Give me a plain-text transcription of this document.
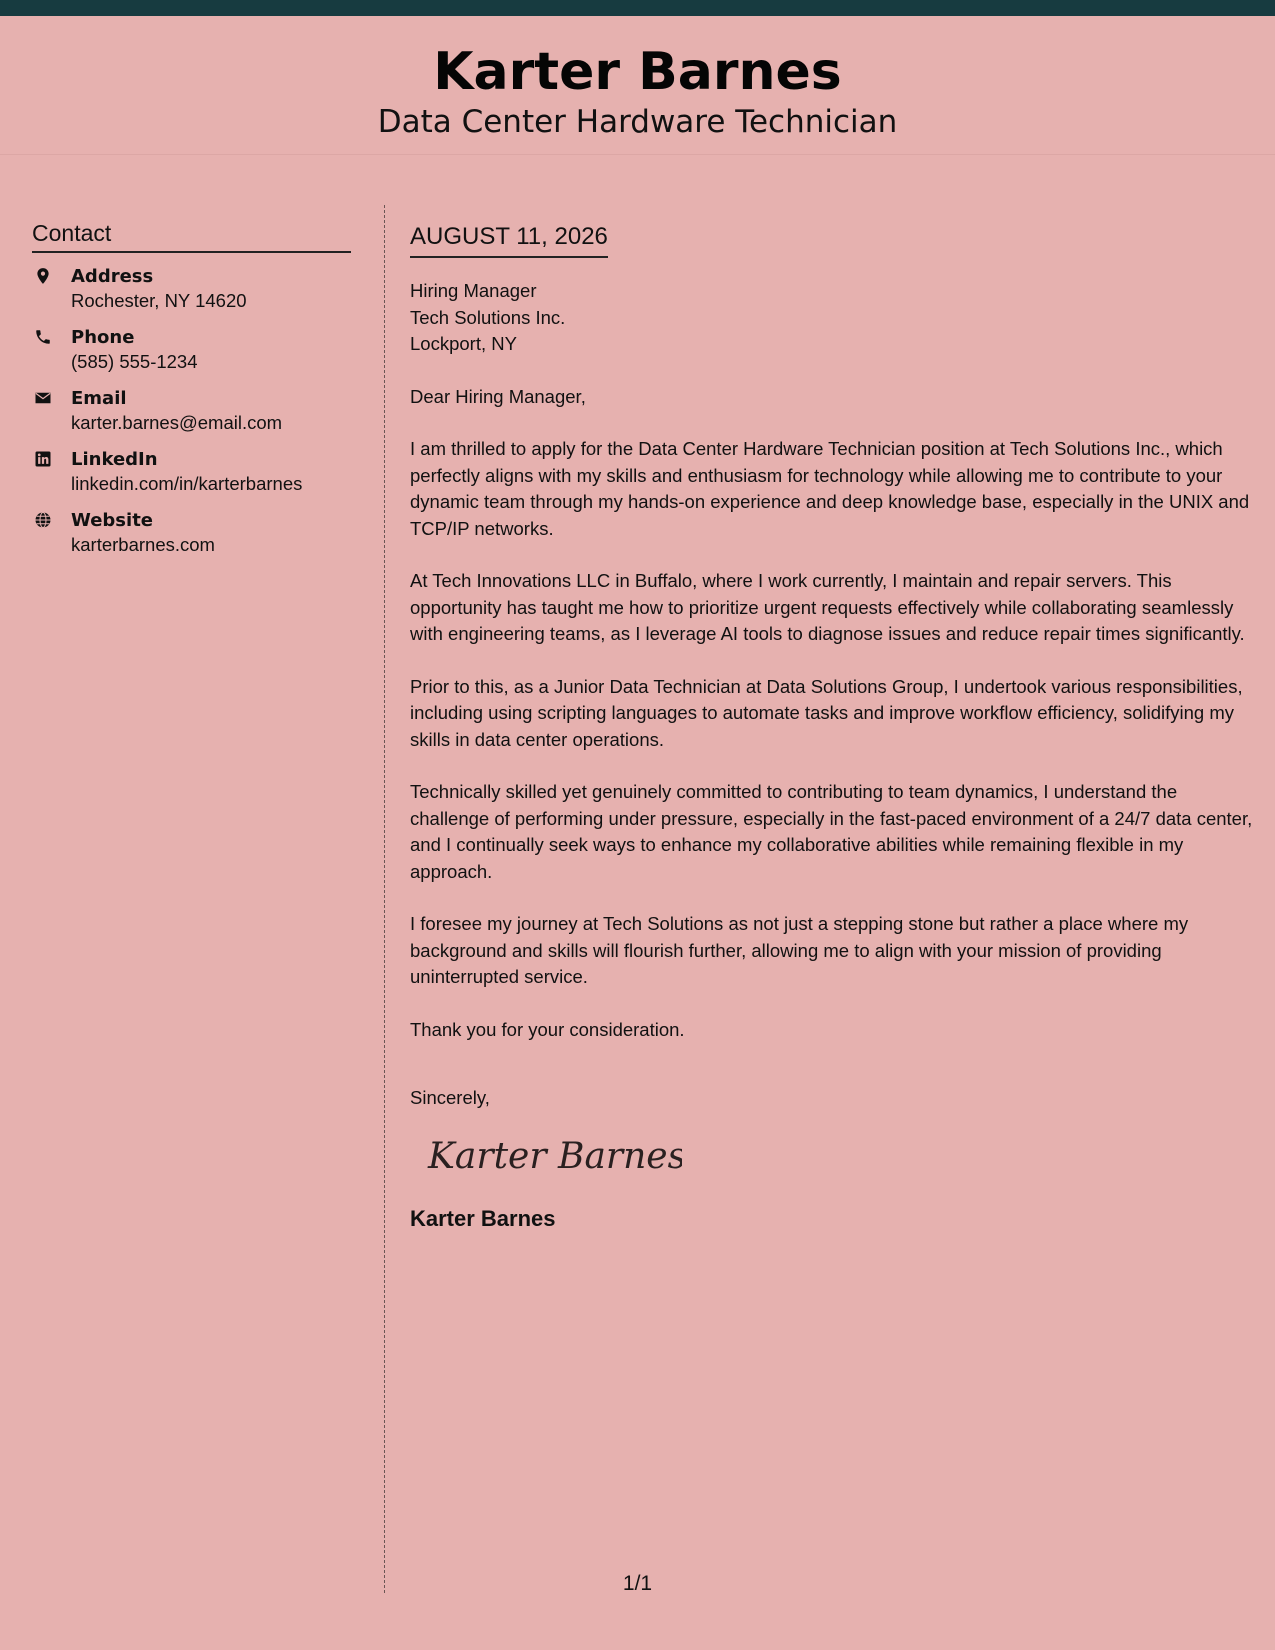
Karter Barnes
Data Center Hardware Technician
Contact
Address
Rochester, NY 14620
Phone
(585) 555-1234
Email
karter.barnes@email.com
LinkedIn
linkedin.com/in/karterbarnes
Website
karterbarnes.com
AUGUST 11, 2026
Hiring Manager
Tech Solutions Inc.
Lockport, NY

Dear Hiring Manager,

I am thrilled to apply for the Data Center Hardware Technician position at Tech Solutions Inc., which perfectly aligns with my skills and enthusiasm for technology while allowing me to contribute to your dynamic team through my hands-on experience and deep knowledge base, especially in the UNIX and TCP/IP networks.

At Tech Innovations LLC in Buffalo, where I work currently, I maintain and repair servers. This opportunity has taught me how to prioritize urgent requests effectively while collaborating seamlessly with engineering teams, as I leverage AI tools to diagnose issues and reduce repair times significantly.

Prior to this, as a Junior Data Technician at Data Solutions Group, I undertook various responsibilities, including using scripting languages to automate tasks and improve workflow efficiency, solidifying my skills in data center operations.

Technically skilled yet genuinely committed to contributing to team dynamics, I understand the challenge of performing under pressure, especially in the fast-paced environment of a 24/7 data center, and I continually seek ways to enhance my collaborative abilities while remaining flexible in my approach.

I foresee my journey at Tech Solutions as not just a stepping stone but rather a place where my background and skills will flourish further, allowing me to align with your mission of providing uninterrupted service.

Thank you for your consideration.

Sincerely,
Karter Barnes
Karter Barnes
1/1
